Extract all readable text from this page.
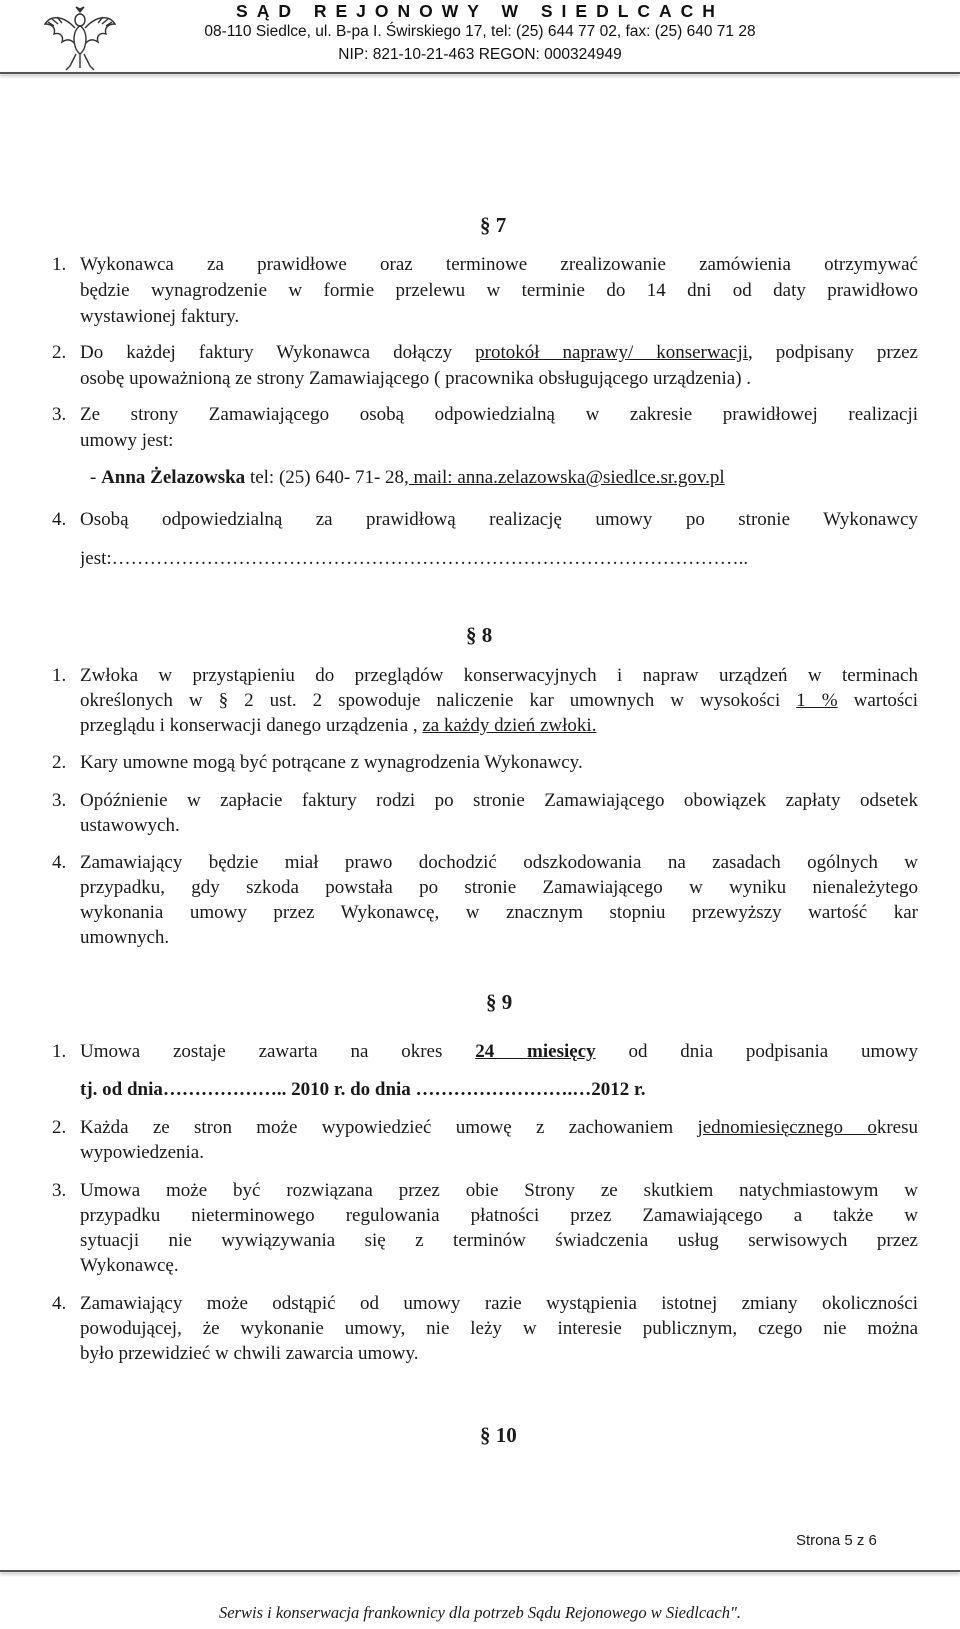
SĄD REJONOWY W SIEDLCACH
08-110 Siedlce, ul. B-pa I. Świrskiego 17, tel: (25) 644 77 02, fax: (25) 640 71 28
NIP: 821-10-21-463 REGON: 000324949
§ 7
1. Wykonawca za prawidłowe oraz terminowe zrealizowanie zamówienia otrzymywać
będzie wynagrodzenie w formie przelewu w terminie do 14 dni od daty prawidłowo
wystawionej faktury.
2. Do każdej faktury Wykonawca dołączy protokół naprawy/ konserwacji, podpisany przez
osobę upoważnioną ze strony Zamawiającego ( pracownika obsługującego urządzenia) .
3. Ze strony Zamawiającego osobą odpowiedzialną w zakresie prawidłowej realizacji
umowy jest:
- Anna Żelazowska tel: (25) 640- 71- 28, mail: anna.zelazowska@siedlce.sr.gov.pl
4. Osobą odpowiedzialną za prawidłową realizację umowy po stronie Wykonawcy
jest:………………………………………………………………………………………..
§ 8
1. Zwłoka w przystąpieniu do przeglądów konserwacyjnych i napraw urządzeń w terminach
określonych w § 2 ust. 2 spowoduje naliczenie kar umownych w wysokości 1 % wartości
przeglądu i konserwacji danego urządzenia , za każdy dzień zwłoki.
2. Kary umowne mogą być potrącane z wynagrodzenia Wykonawcy.
3. Opóźnienie w zapłacie faktury rodzi po stronie Zamawiającego obowiązek zapłaty odsetek
ustawowych.
4. Zamawiający będzie miał prawo dochodzić odszkodowania na zasadach ogólnych w
przypadku, gdy szkoda powstała po stronie Zamawiającego w wyniku nienależytego
wykonania umowy przez Wykonawcę, w znacznym stopniu przewyższy wartość kar
umownych.
§ 9
1. Umowa zostaje zawarta na okres 24 miesięcy od dnia podpisania umowy
tj. od dnia……………….. 2010 r. do dnia …………………….…2012 r.
2. Każda ze stron może wypowiedzieć umowę z zachowaniem jednomiesięcznego okresu
wypowiedzenia.
3. Umowa może być rozwiązana przez obie Strony ze skutkiem natychmiastowym w
przypadku nieterminowego regulowania płatności przez Zamawiającego a także w
sytuacji nie wywiązywania się z terminów świadczenia usług serwisowych przez
Wykonawcę.
4. Zamawiający może odstąpić od umowy razie wystąpienia istotnej zmiany okoliczności
powodującej, że wykonanie umowy, nie leży w interesie publicznym, czego nie można
było przewidzieć w chwili zawarcia umowy.
§ 10
Strona 5 z 6
Serwis i konserwacja frankownicy dla potrzeb Sądu Rejonowego w Siedlcach".
